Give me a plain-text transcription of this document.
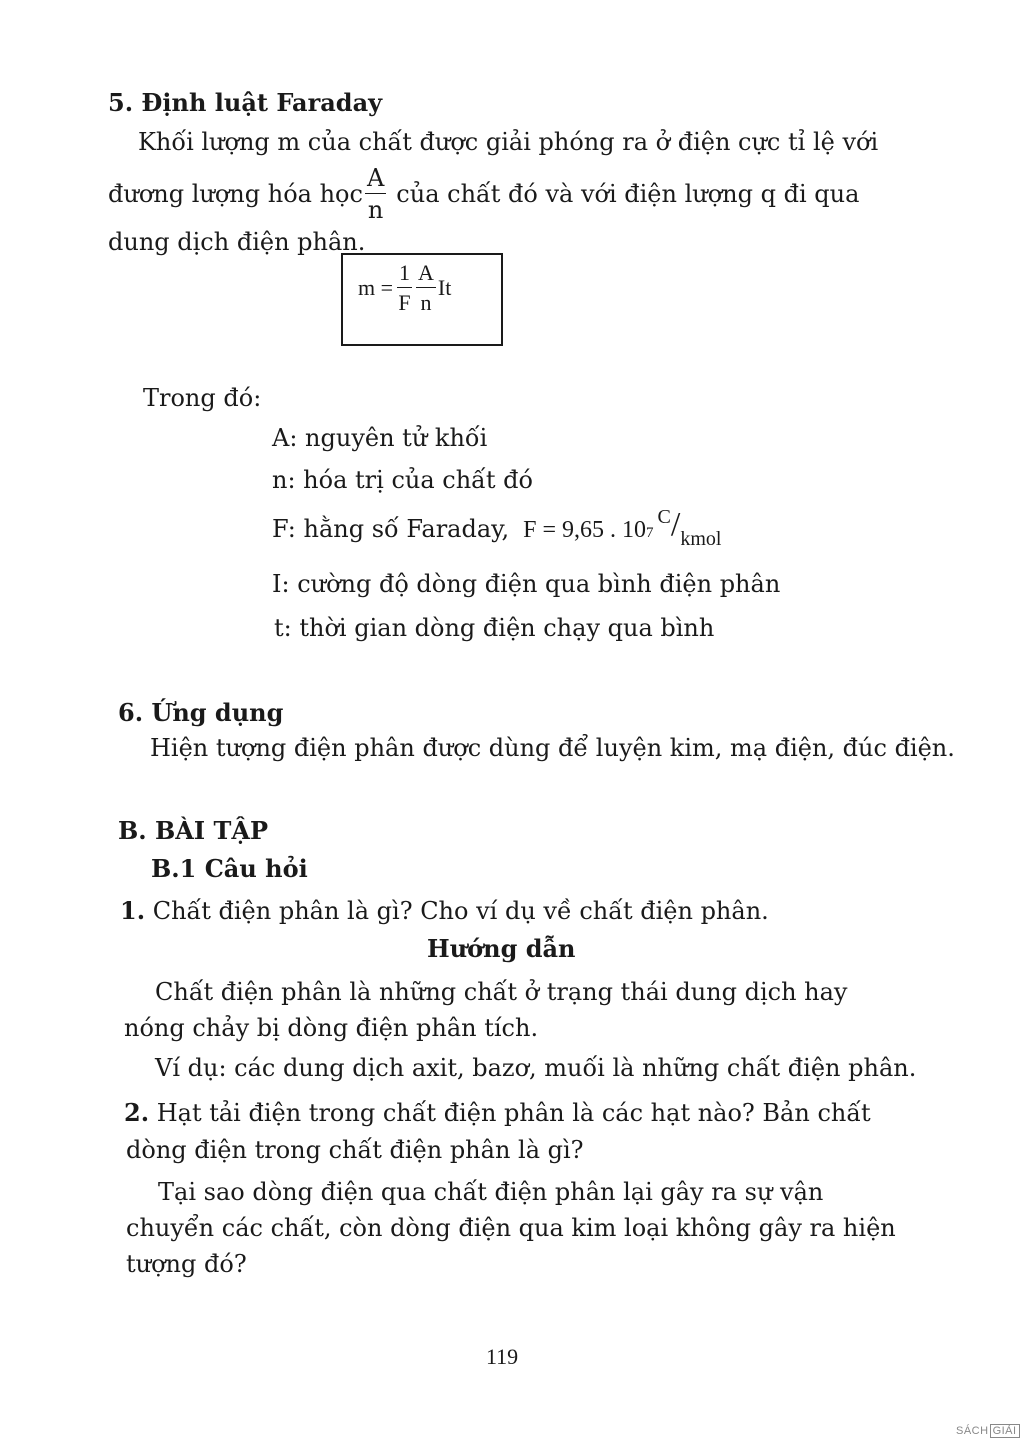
5. Định luật Faraday
Khối lượng m của chất được giải phóng ra ở điện cực tỉ lệ với
đương lượng hóa học $\frac{A}{n}$ của chất đó và với điện lượng q đi qua
dung dịch điện phân.
$m = \frac{1}{F} \frac{A}{n}$ It
Trong đó:
A: nguyên tử khối
n: hóa trị của chất đó
F: hằng số Faraday, F = 9,65 . 10 7
$^C/_{kmol}$
I: cường độ dòng điện qua bình điện phân
t: thời gian dòng điện chạy qua bình
6. Ứng dụng
Hiện tượng điện phân được dùng để luyện kim, mạ điện, đúc điện.
B. BÀI TẬP
B.1 Câu hỏi
1. Chất điện phân là gì? Cho ví dụ về chất điện phân.
Hướng dẫn
Chất điện phân là những chất ở trạng thái dung dịch hay
nóng chảy bị dòng điện phân tích.
Ví dụ: các dung dịch axit, bazơ, muối là những chất điện phân.
2. Hạt tải điện trong chất điện phân là các hạt nào? Bản chất
dòng điện trong chất điện phân là gì?
Tại sao dòng điện qua chất điện phân lại gây ra sự vận
chuyển các chất, còn dòng điện qua kim loại không gây ra hiện
tượng đó?
119
SÁCH GIẢI
